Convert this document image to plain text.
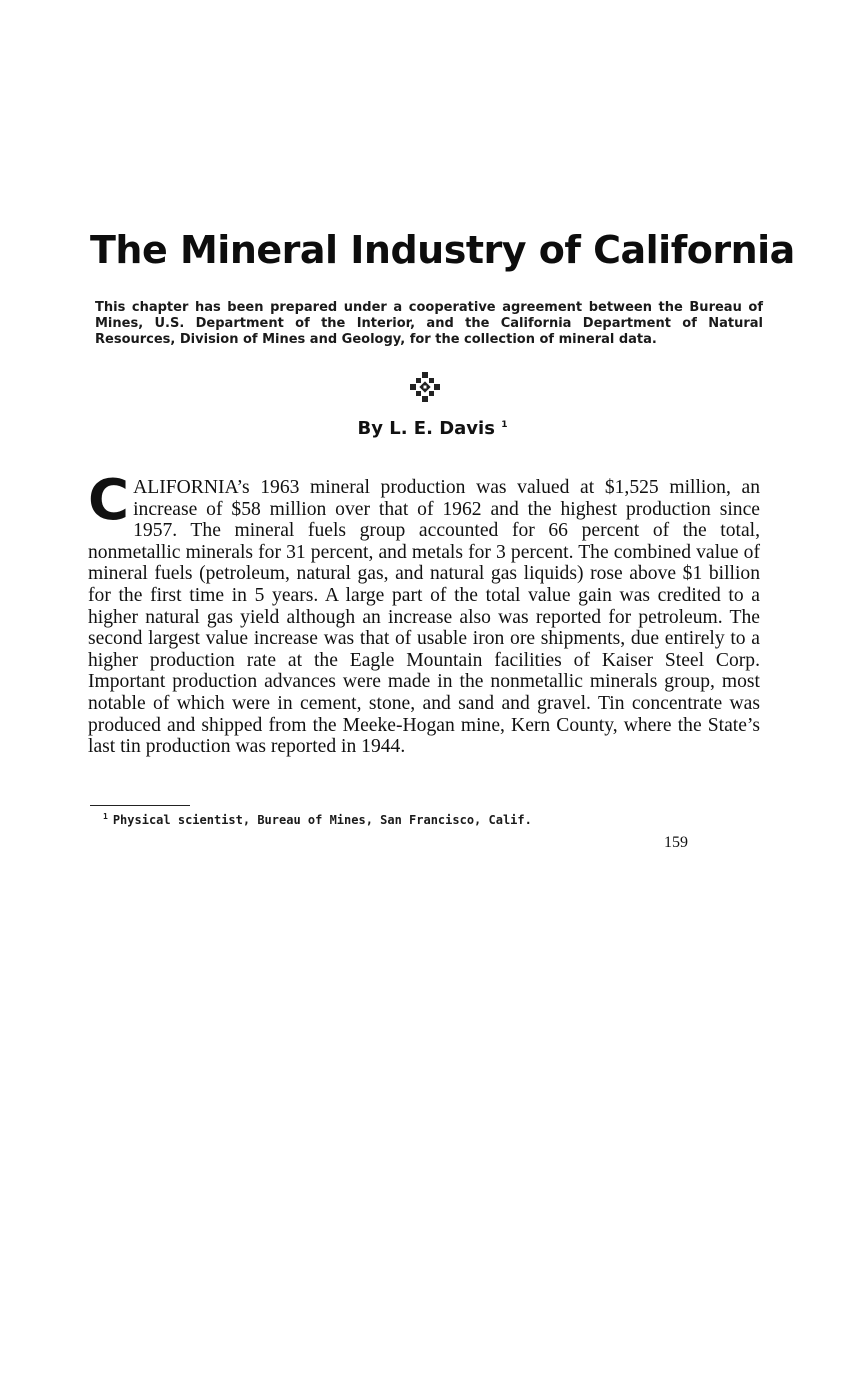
The Mineral Industry of California

This chapter has been prepared under a cooperative agreement between the Bureau of Mines, U.S. Department of the Interior, and the California Department of Natural Resources, Division of Mines and Geology, for the collection of mineral data.

By L. E. Davis $^1$

CALIFORNIA’s 1963 mineral production was valued at $1,525 million, an increase of $58 million over that of 1962 and the highest production since 1957. The mineral fuels group accounted for 66 percent of the total, nonmetallic minerals for 31 percent, and metals for 3 percent. The combined value of mineral fuels (petroleum, natural gas, and natural gas liquids) rose above $1 billion for the first time in 5 years. A large part of the total value gain was credited to a higher natural gas yield although an increase also was reported for petroleum. The second largest value increase was that of usable iron ore shipments, due entirely to a higher production rate at the Eagle Mountain facilities of Kaiser Steel Corp. Important production advances were made in the nonmetallic minerals group, most notable of which were in cement, stone, and sand and gravel. Tin concentrate was produced and shipped from the Meeke-Hogan mine, Kern County, where the State’s last tin production was reported in 1944.

$^1$ Physical scientist, Bureau of Mines, San Francisco, Calif.

159
